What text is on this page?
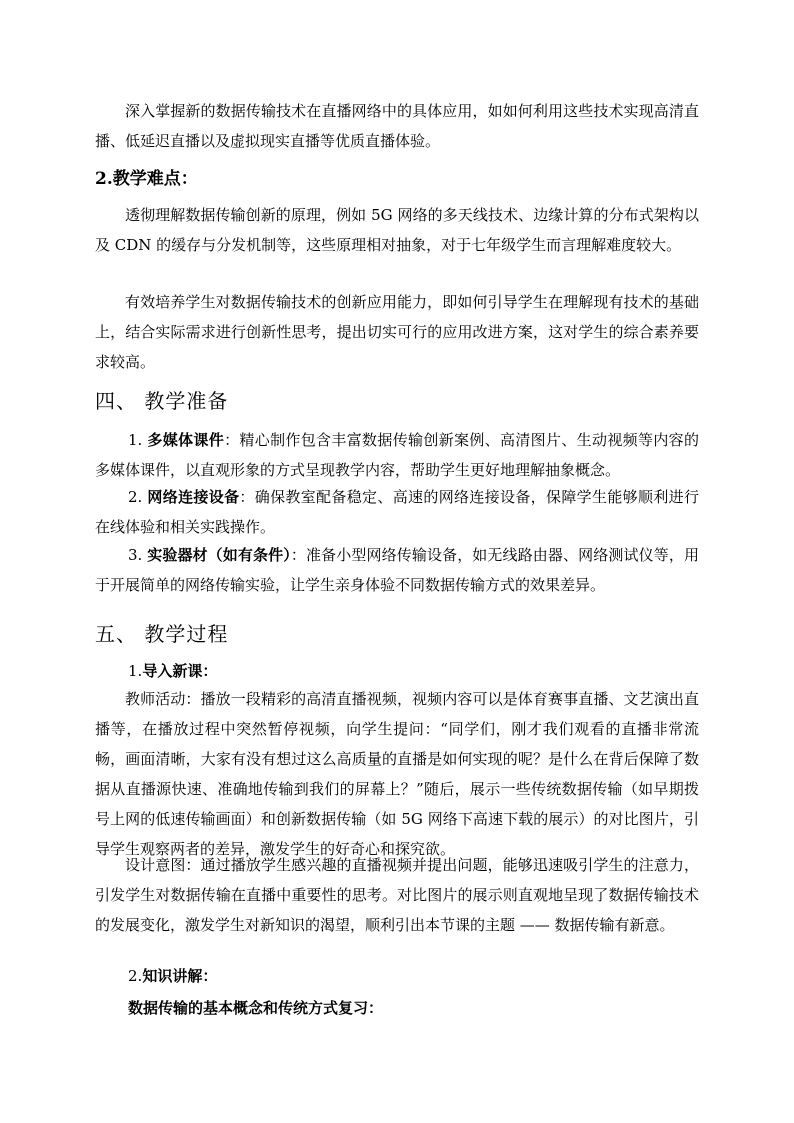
深入掌握新的数据传输技术在直播网络中的具体应用，如如何利用这些技术实现高清直播、低延迟直播以及虚拟现实直播等优质直播体验。

2.教学难点：

透彻理解数据传输创新的原理，例如 5G 网络的多天线技术、边缘计算的分布式架构以及 CDN 的缓存与分发机制等，这些原理相对抽象，对于七年级学生而言理解难度较大。

有效培养学生对数据传输技术的创新应用能力，即如何引导学生在理解现有技术的基础上，结合实际需求进行创新性思考，提出切实可行的应用改进方案，这对学生的综合素养要求较高。

四、 教学准备

1. 多媒体课件：精心制作包含丰富数据传输创新案例、高清图片、生动视频等内容的多媒体课件，以直观形象的方式呈现教学内容，帮助学生更好地理解抽象概念。

2. 网络连接设备：确保教室配备稳定、高速的网络连接设备，保障学生能够顺利进行在线体验和相关实践操作。

3. 实验器材（如有条件）：准备小型网络传输设备，如无线路由器、网络测试仪等，用于开展简单的网络传输实验，让学生亲身体验不同数据传输方式的效果差异。

五、 教学过程

1.导入新课：

教师活动：播放一段精彩的高清直播视频，视频内容可以是体育赛事直播、文艺演出直播等，在播放过程中突然暂停视频，向学生提问：“同学们，刚才我们观看的直播非常流畅，画面清晰，大家有没有想过这么高质量的直播是如何实现的呢？是什么在背后保障了数据从直播源快速、准确地传输到我们的屏幕上？”随后，展示一些传统数据传输（如早期拨号上网的低速传输画面）和创新数据传输（如 5G 网络下高速下载的展示）的对比图片，引导学生观察两者的差异，激发学生的好奇心和探究欲。

设计意图：通过播放学生感兴趣的直播视频并提出问题，能够迅速吸引学生的注意力，引发学生对数据传输在直播中重要性的思考。对比图片的展示则直观地呈现了数据传输技术的发展变化，激发学生对新知识的渴望，顺利引出本节课的主题 —— 数据传输有新意。

2.知识讲解：

数据传输的基本概念和传统方式复习：
